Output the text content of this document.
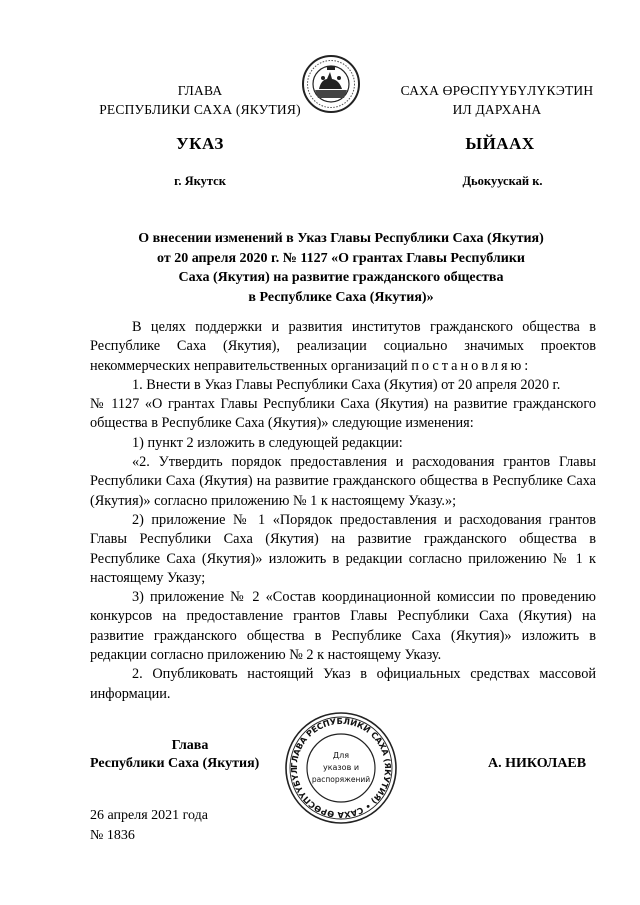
ГЛАВА
РЕСПУБЛИКИ САХА (ЯКУТИЯ)
САХА ӨРӨСПҮҮБҮЛҮКЭТИН
ИЛ ДАРХАНА
УКАЗ	ЫЙААХ
г. Якутск	Дьокуускай к.
О внесении изменений в Указ Главы Республики Саха (Якутия)
от 20 апреля 2020 г. № 1127 «О грантах Главы Республики
Саха (Якутия) на развитие гражданского общества
в Республике Саха (Якутия)»

В целях поддержки и развития институтов гражданского общества в Республике Саха (Якутия), реализации социально значимых проектов некоммерческих неправительственных организаций постановляю:

1. Внести в Указ Главы Республики Саха (Якутия) от 20 апреля 2020 г.

№ 1127 «О грантах Главы Республики Саха (Якутия) на развитие гражданского общества в Республике Саха (Якутия)» следующие изменения:

1) пункт 2 изложить в следующей редакции:

«2. Утвердить порядок предоставления и расходования грантов Главы Республики Саха (Якутия) на развитие гражданского общества в Республике Саха (Якутия)» согласно приложению № 1 к настоящему Указу.»;

2) приложение № 1 «Порядок предоставления и расходования грантов Главы Республики Саха (Якутия) на развитие гражданского общества в Республике Саха (Якутия)» изложить в редакции согласно приложению № 1 к настоящему Указу;

3) приложение № 2 «Состав координационной комиссии по проведению конкурсов на предоставление грантов Главы Республики Саха (Якутия) на развитие гражданского общества в Республике Саха (Якутия)» изложить в редакции согласно приложению № 2 к настоящему Указу.

2. Опубликовать настоящий Указ в официальных средствах массовой информации.

Глава
Республики Саха (Якутия)	А. НИКОЛАЕВ
ГЛАВА РЕСПУБЛИКИ САХА (ЯКУТИЯ) • САХА ӨРӨСПҮҮБҮЛ
Для
указов и
распоряжений
26 апреля 2021 года
№ 1836
